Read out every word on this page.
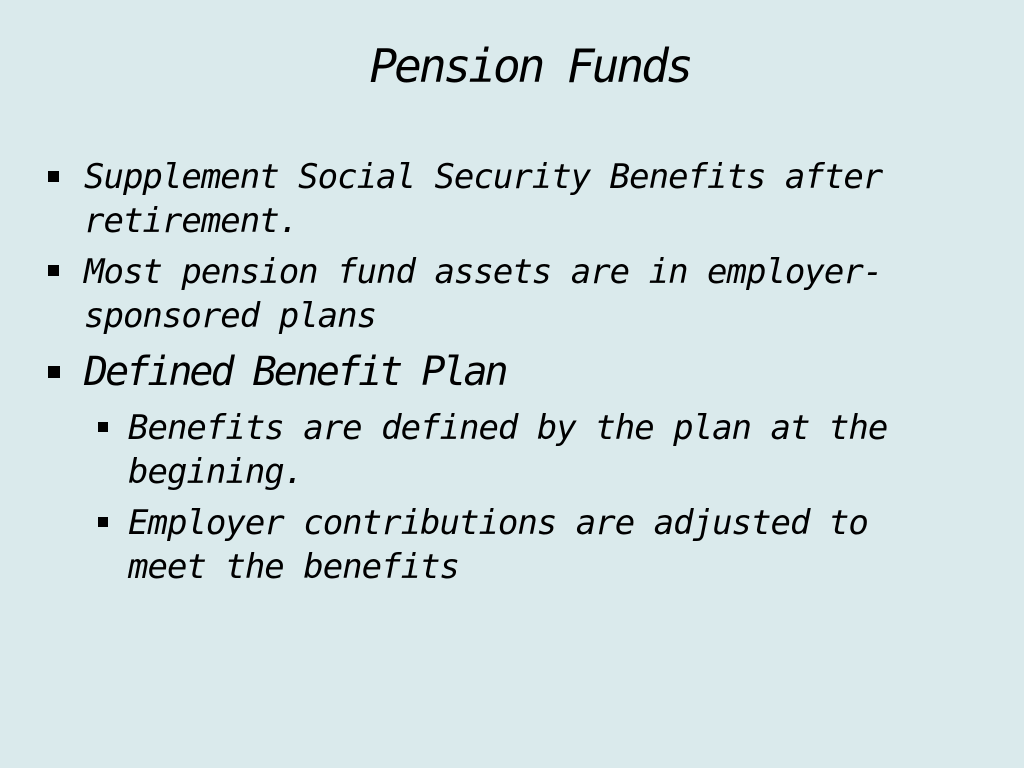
Pension Funds
Supplement Social Security Benefits after
retirement.
Most pension fund assets are in employer-
sponsored plans
Defined Benefit Plan
Benefits are defined by the plan at the
begining.
Employer contributions are adjusted to
meet the benefits
